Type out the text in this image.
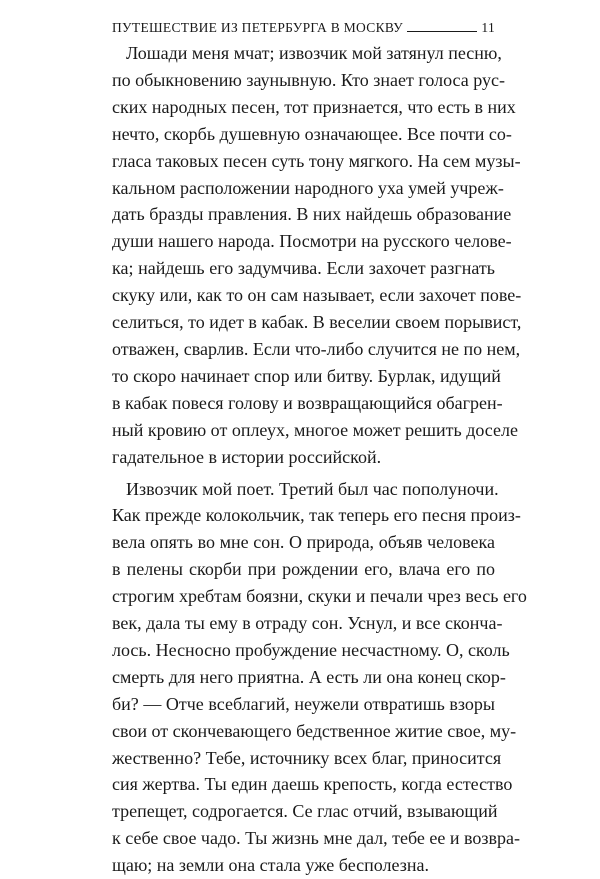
ПУТЕШЕСТВИЕ ИЗ ПЕТЕРБУРГА В МОСКВУ	11

Лошади меня мчат; извозчик мой затянул песню,
по обыкновению заунывную. Кто знает голоса рус-
ских народных песен, тот признается, что есть в них
нечто, скорбь душевную означающее. Все почти со-
гласа таковых песен суть тону мягкого. На сем музы-
кальном расположении народного уха умей учреж-
дать бразды правления. В них найдешь образование
души нашего народа. Посмотри на русского челове-
ка; найдешь его задумчива. Если захочет разгнать
скуку или, как то он сам называет, если захочет пове-
селиться, то идет в кабак. В веселии своем порывист,
отважен, сварлив. Если что-либо случится не по нем,
то скоро начинает спор или битву. Бурлак, идущий
в кабак повеся голову и возвращающийся обагрен-
ный кровию от оплеух, многое может решить доселе
гадательное в истории российской.

Извозчик мой поет. Третий был час пополуночи.
Как прежде колокольчик, так теперь его песня произ-
вела опять во мне сон. О природа, объяв человека
в пелены скорби при рождении его, влача его по
строгим хребтам боязни, скуки и печали чрез весь его
век, дала ты ему в отраду сон. Уснул, и все скончa-
лось. Несносно пробуждение несчастному. О, сколь
смерть для него приятна. А есть ли она конец скор-
би? — Отче всеблагий, неужели отвратишь взоры
свои от скончевающего бедственное житие свое, му-
жественно? Тебе, источнику всех благ, приносится
сия жертва. Ты един даешь крепость, когда естество
трепещет, содрогается. Се глас отчий, взывающий
к себе свое чадо. Ты жизнь мне дал, тебе ее и возвра-
щаю; на земли она стала уже бесполезна.
